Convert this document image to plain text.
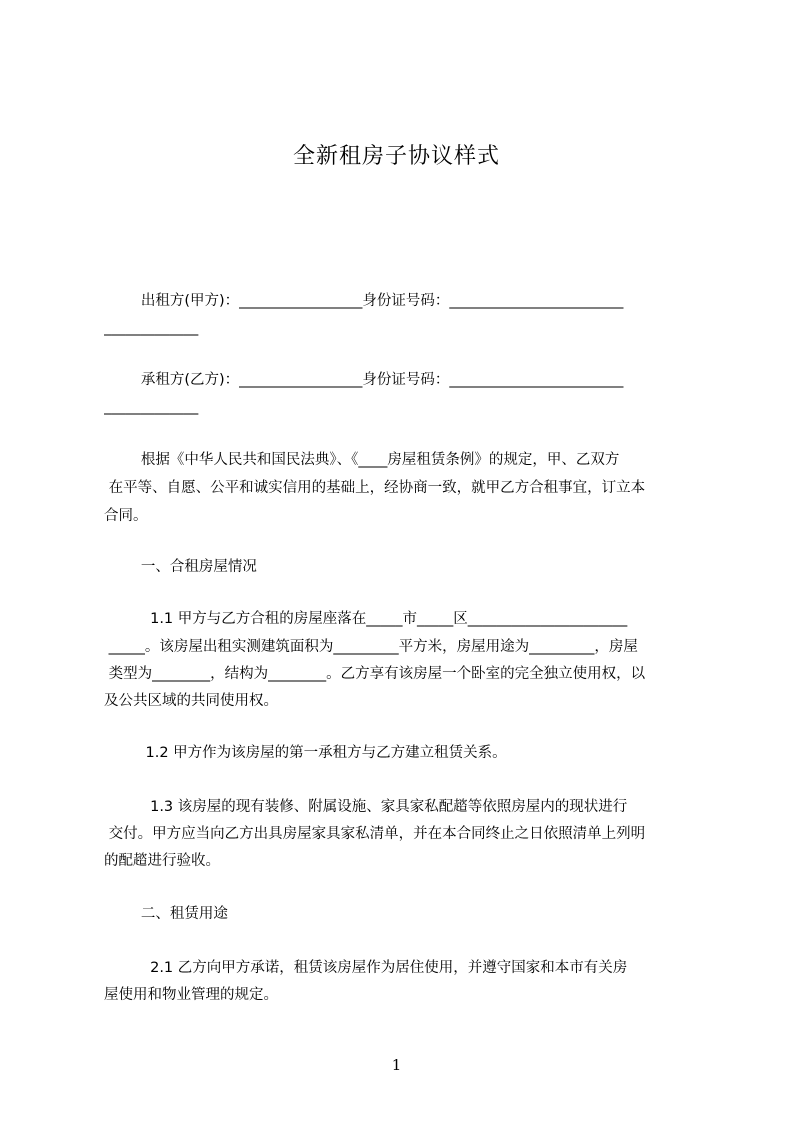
全新租房子协议样式
出租方(甲方)：_________________身份证号码：________________________
_____________
承租方(乙方)：_________________身份证号码：________________________
_____________
根据《中华人民共和国民法典》、《____房屋租赁条例》的规定，甲、乙双方
在平等、自愿、公平和诚实信用的基础上，经协商一致，就甲乙方合租事宜，订立本
合同。
一、合租房屋情况
1.1 甲方与乙方合租的房屋座落在_____市_____区______________________
_____。该房屋出租实测建筑面积为_________平方米，房屋用途为_________，房屋
类型为________，结构为________。乙方享有该房屋一个卧室的完全独立使用权，以
及公共区域的共同使用权。
1.2 甲方作为该房屋的第一承租方与乙方建立租赁关系。
1.3 该房屋的现有装修、附属设施、家具家私配趦等依照房屋内的现状进行
交付。甲方应当向乙方出具房屋家具家私清单，并在本合同终止之日依照清单上列明
的配趦进行验收。
二、租赁用途
2.1 乙方向甲方承诺，租赁该房屋作为居住使用，并遵守国家和本市有关房
屋使用和物业管理的规定。
1
